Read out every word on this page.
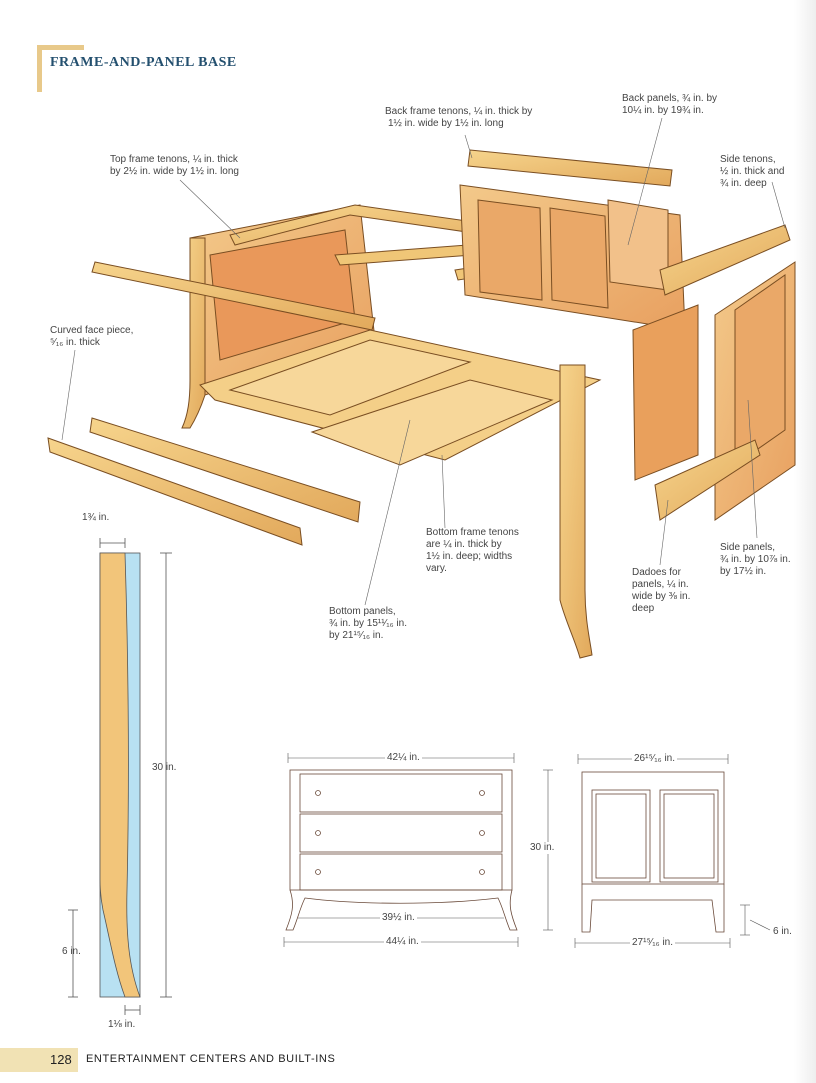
FRAME-AND-PANEL BASE
Back frame tenons, ¼ in. thick by
1½ in. wide by 1½ in. long
Back panels, ¾ in. by
10¼ in. by 19¾ in.
Top frame tenons, ¼ in. thick
by 2½ in. wide by 1½ in. long
Side tenons,
½ in. thick and
¾ in. deep
Curved face piece,
⁵⁄₁₆ in. thick
Bottom frame tenons
are ¼ in. thick by
1½ in. deep; widths
vary.
Side panels,
¾ in. by 10⅞ in.
by 17½ in.
Dadoes for
panels, ¼ in.
wide by ⅜ in.
deep
Bottom panels,
¾ in. by 15¹¹⁄₁₆ in.
by 21¹⁵⁄₁₆ in.
1¾ in.
30 in.
6 in.
1⅛ in.
42¼ in.
30 in.
39½ in.
44¼ in.
26¹⁵⁄₁₆ in.
6 in.
27¹⁵⁄₁₆ in.
128 ENTERTAINMENT CENTERS AND BUILT-INS
